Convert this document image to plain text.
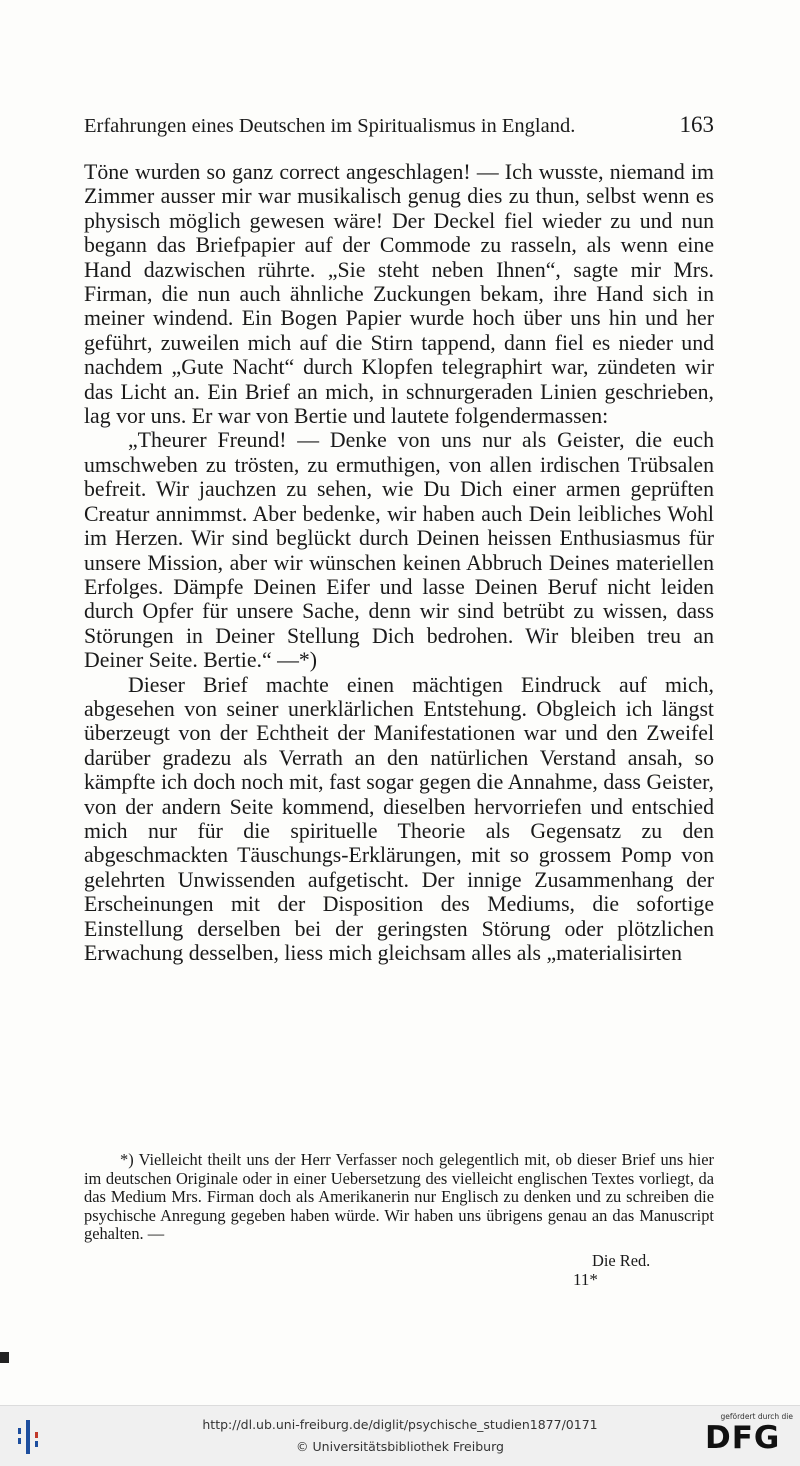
Erfahrungen eines Deutschen im Spiritualismus in England.	163

Töne wurden so ganz correct angeschlagen! — Ich wusste, niemand im Zimmer ausser mir war musikalisch genug dies zu thun, selbst wenn es physisch möglich gewesen wäre! Der Deckel fiel wieder zu und nun begann das Briefpapier auf der Commode zu rasseln, als wenn eine Hand dazwischen rührte. „Sie steht neben Ihnen“, sagte mir Mrs. Firman, die nun auch ähnliche Zuckungen bekam, ihre Hand sich in meiner windend. Ein Bogen Papier wurde hoch über uns hin und her geführt, zuweilen mich auf die Stirn tappend, dann fiel es nieder und nachdem „Gute Nacht“ durch Klopfen telegraphirt war, zündeten wir das Licht an. Ein Brief an mich, in schnurgeraden Linien geschrieben, lag vor uns. Er war von Bertie und lautete folgendermassen:

„Theurer Freund! — Denke von uns nur als Geister, die euch umschweben zu trösten, zu ermuthigen, von allen irdischen Trübsalen befreit. Wir jauchzen zu sehen, wie Du Dich einer armen geprüften Creatur annimmst. Aber bedenke, wir haben auch Dein leibliches Wohl im Herzen. Wir sind beglückt durch Deinen heissen Enthusiasmus für unsere Mission, aber wir wünschen keinen Abbruch Deines materiellen Erfolges. Dämpfe Deinen Eifer und lasse Deinen Beruf nicht leiden durch Opfer für unsere Sache, denn wir sind betrübt zu wissen, dass Störungen in Deiner Stellung Dich bedrohen. Wir bleiben treu an Deiner Seite. Bertie.“ —*)

Dieser Brief machte einen mächtigen Eindruck auf mich, abgesehen von seiner unerklärlichen Entstehung. Obgleich ich längst überzeugt von der Echtheit der Manifestationen war und den Zweifel darüber gradezu als Verrath an den natürlichen Verstand ansah, so kämpfte ich doch noch mit, fast sogar gegen die Annahme, dass Geister, von der andern Seite kommend, dieselben hervorriefen und entschied mich nur für die spirituelle Theorie als Gegensatz zu den abgeschmackten Täuschungs-Erklärungen, mit so grossem Pomp von gelehrten Unwissenden aufgetischt. Der innige Zusammenhang der Erscheinungen mit der Disposition des Mediums, die sofortige Einstellung derselben bei der geringsten Störung oder plötzlichen Erwachung desselben, liess mich gleichsam alles als „materialisirten

*) Vielleicht theilt uns der Herr Verfasser noch gelegentlich mit, ob dieser Brief uns hier im deutschen Originale oder in einer Uebersetzung des vielleicht englischen Textes vorliegt, da das Medium Mrs. Firman doch als Amerikanerin nur Englisch zu denken und zu schreiben die psychische Anregung gegeben haben würde. Wir haben uns übrigens genau an das Manuscript gehalten. —

Die Red.
11*
http://dl.ub.uni-freiburg.de/diglit/psychische_studien1877/0171
© Universitätsbibliothek Freiburg
gefördert durch die
DFG
